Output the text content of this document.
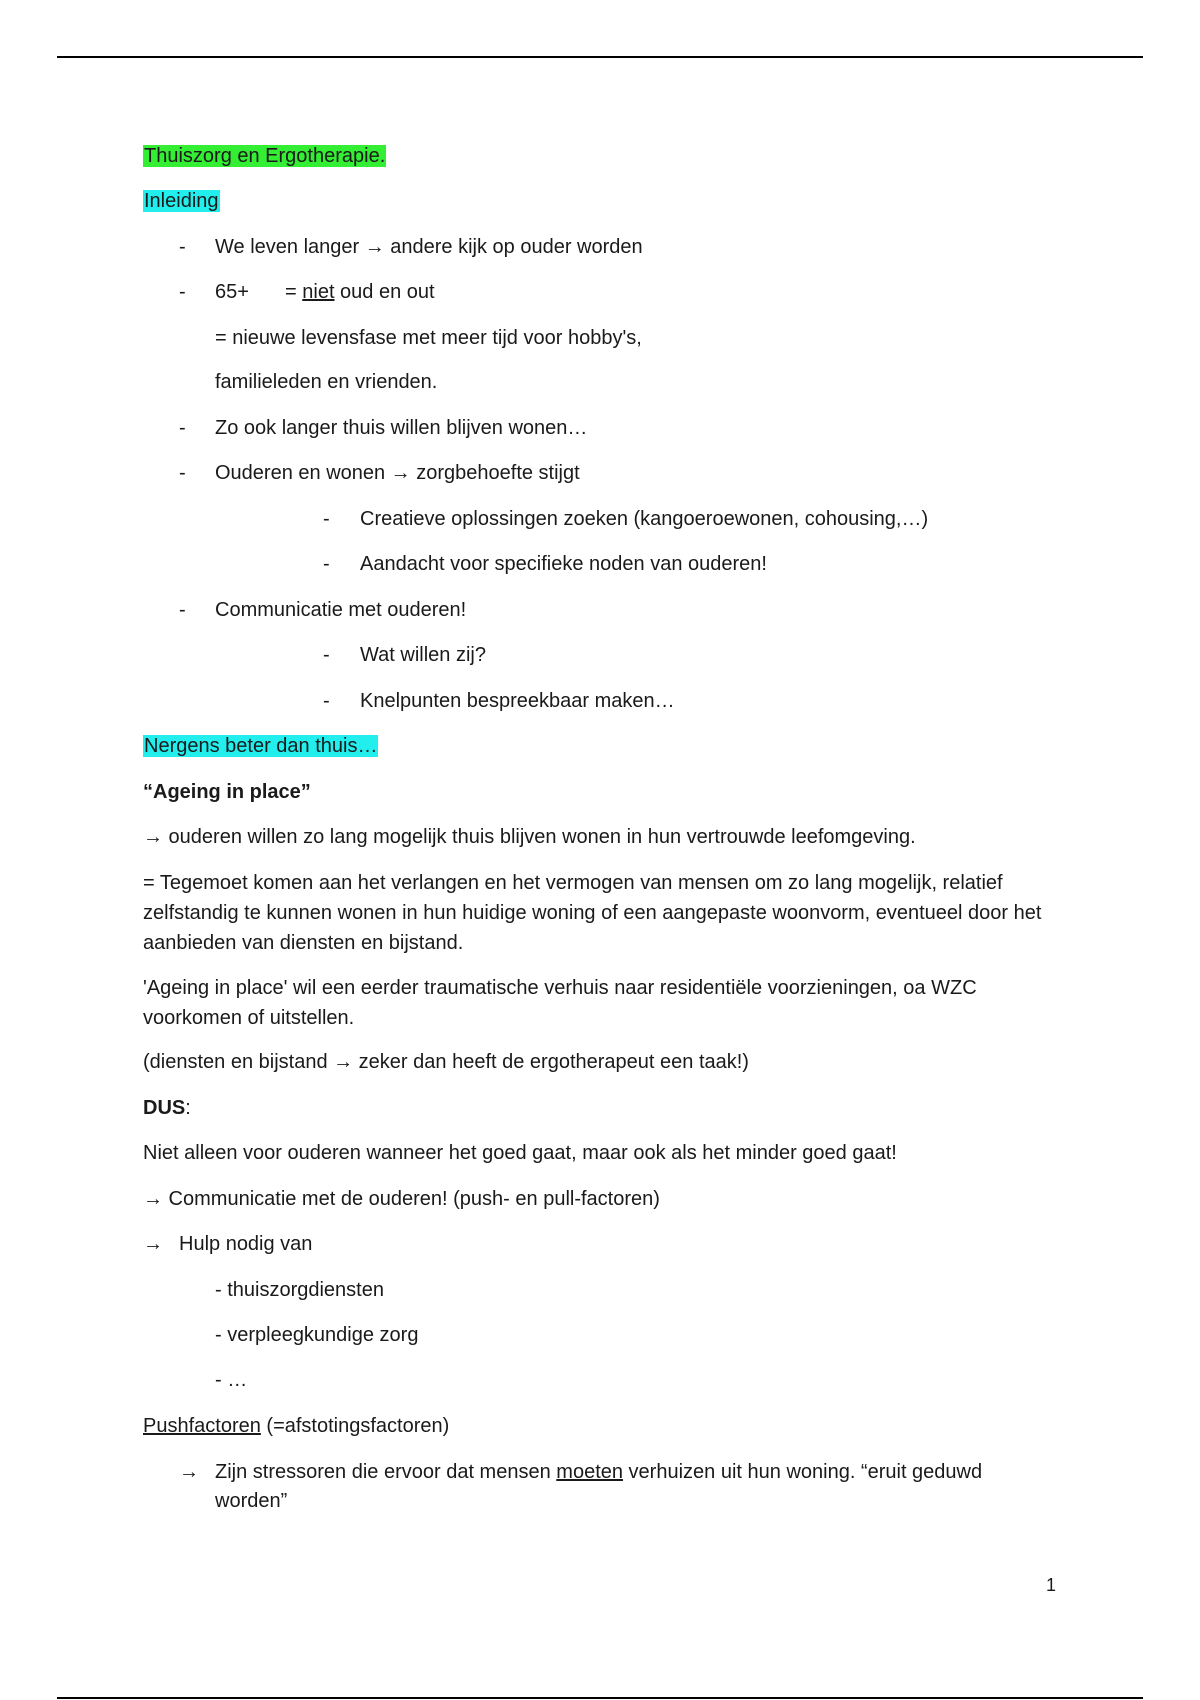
Thuiszorg en Ergotherapie.
Inleiding
-	We leven langer → andere kijk op ouder worden
-	65+ = niet oud en out
= nieuwe levensfase met meer tijd voor hobby's,
familieleden en vrienden.
-	Zo ook langer thuis willen blijven wonen…
-	Ouderen en wonen → zorgbehoefte stijgt
-	Creatieve oplossingen zoeken (kangoeroewonen, cohousing,…)
-	Aandacht voor specifieke noden van ouderen!
-	Communicatie met ouderen!
-	Wat willen zij?
-	Knelpunten bespreekbaar maken…
Nergens beter dan thuis…
“Ageing in place”
→ ouderen willen zo lang mogelijk thuis blijven wonen in hun vertrouwde leefomgeving.
= Tegemoet komen aan het verlangen en het vermogen van mensen om zo lang mogelijk, relatief zelfstandig te kunnen wonen in hun huidige woning of een aangepaste woonvorm, eventueel door het aanbieden van diensten en bijstand.
'Ageing in place' wil een eerder traumatische verhuis naar residentiële voorzieningen, oa WZC voorkomen of uitstellen.
(diensten en bijstand → zeker dan heeft de ergotherapeut een taak!)
DUS:
Niet alleen voor ouderen wanneer het goed gaat, maar ook als het minder goed gaat!
→ Communicatie met de ouderen! (push- en pull-factoren)
→ Hulp nodig van
- thuiszorgdiensten
- verpleegkundige zorg
- …
Pushfactoren (=afstotingsfactoren)
→ Zijn stressoren die ervoor dat mensen moeten verhuizen uit hun woning. “eruit geduwd
worden”
1
